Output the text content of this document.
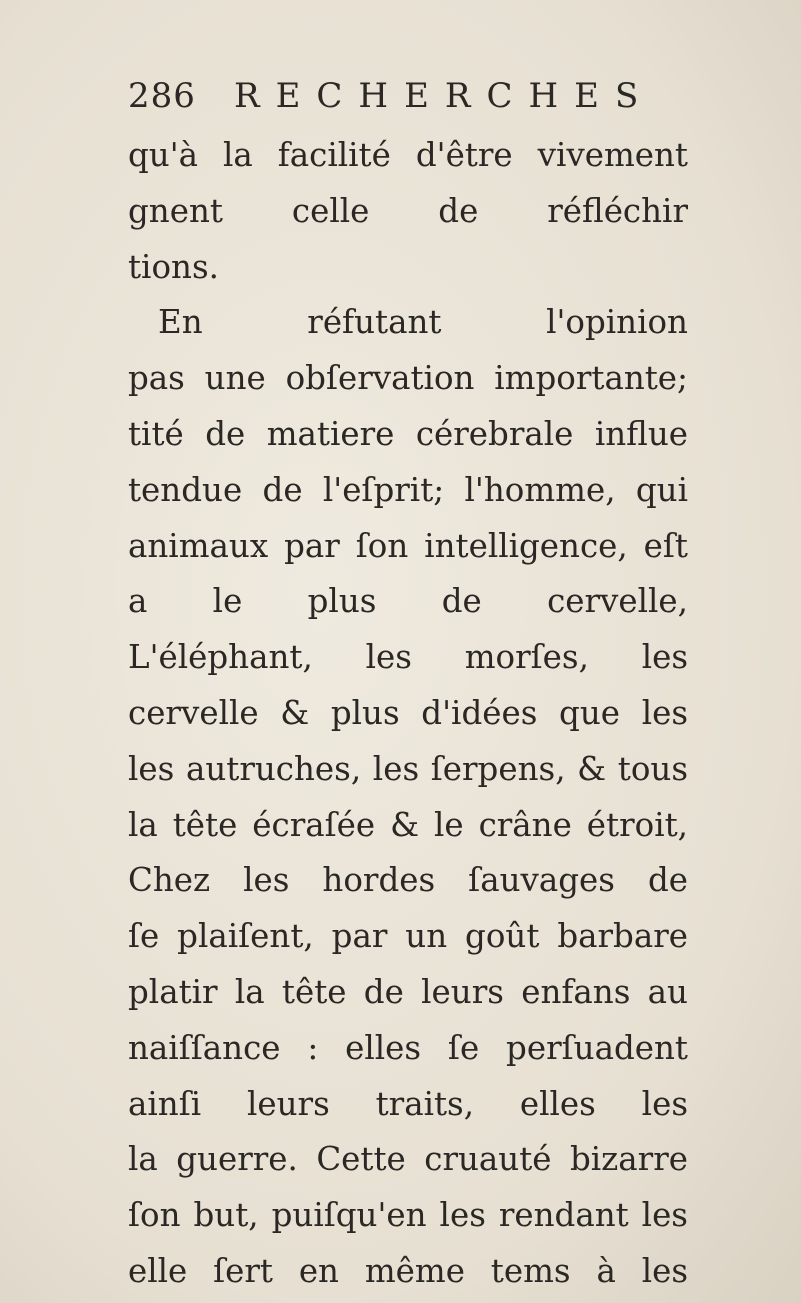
286	RECHERCHES
qu'à la facilité d'être vivement
gnent celle de réfléchir
tions.
En réfutant l'opinion
pas une obſervation importante;
tité de matiere cérebrale influe
tendue de l'eſprit; l'homme, qui
animaux par ſon intelligence, eſt
a le plus de cervelle,
L'éléphant, les morſes, les
cervelle & plus d'idées que les
les autruches, les ſerpens, & tous
la tête écraſée & le crâne étroit,
Chez les hordes ſauvages de
ſe plaiſent, par un goût barbare
platir la tête de leurs enfans au
naiſſance : elles ſe perſuadent
ainſi leurs traits, elles les
la guerre. Cette cruauté bizarre
ſon but, puiſqu'en les rendant les
elle ſert en même tems à les
